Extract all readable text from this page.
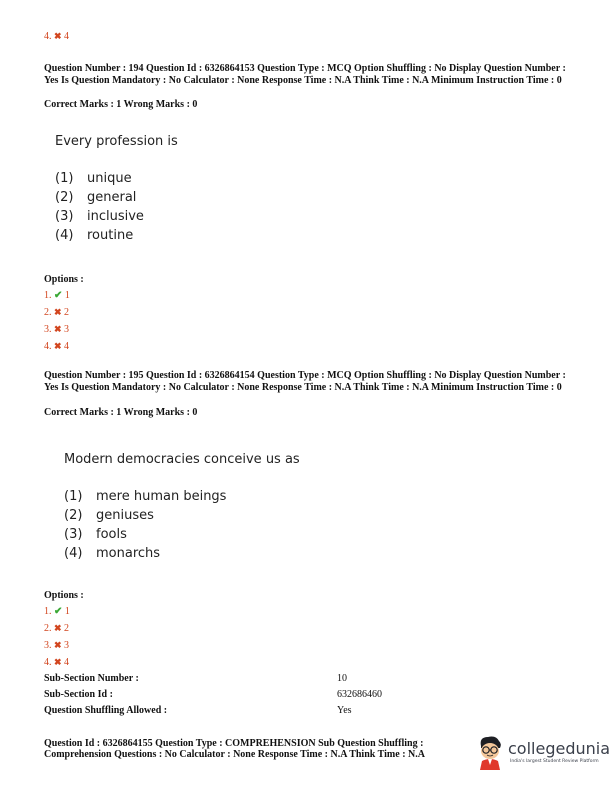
4. ✖ 4
Question Number : 194 Question Id : 6326864153 Question Type : MCQ Option Shuffling : No Display Question Number : Yes Is Question Mandatory : No Calculator : None Response Time : N.A Think Time : N.A Minimum Instruction Time : 0
Correct Marks : 1 Wrong Marks : 0
Every profession is
(1) unique
(2) general
(3) inclusive
(4) routine
Options :
1. ✔ 1
2. ✖ 2
3. ✖ 3
4. ✖ 4
Question Number : 195 Question Id : 6326864154 Question Type : MCQ Option Shuffling : No Display Question Number : Yes Is Question Mandatory : No Calculator : None Response Time : N.A Think Time : N.A Minimum Instruction Time : 0
Correct Marks : 1 Wrong Marks : 0
Modern democracies conceive us as
(1) mere human beings
(2) geniuses
(3) fools
(4) monarchs
Options :
1. ✔ 1
2. ✖ 2
3. ✖ 3
4. ✖ 4
Sub-Section Number :	10
Sub-Section Id :	632686460
Question Shuffling Allowed :	Yes
Question Id : 6326864155 Question Type : COMPREHENSION Sub Question Shuffling :
Comprehension Questions : No Calculator : None Response Time : N.A Think Time : N.A	collegedunia
India's largest Student Review Platform
